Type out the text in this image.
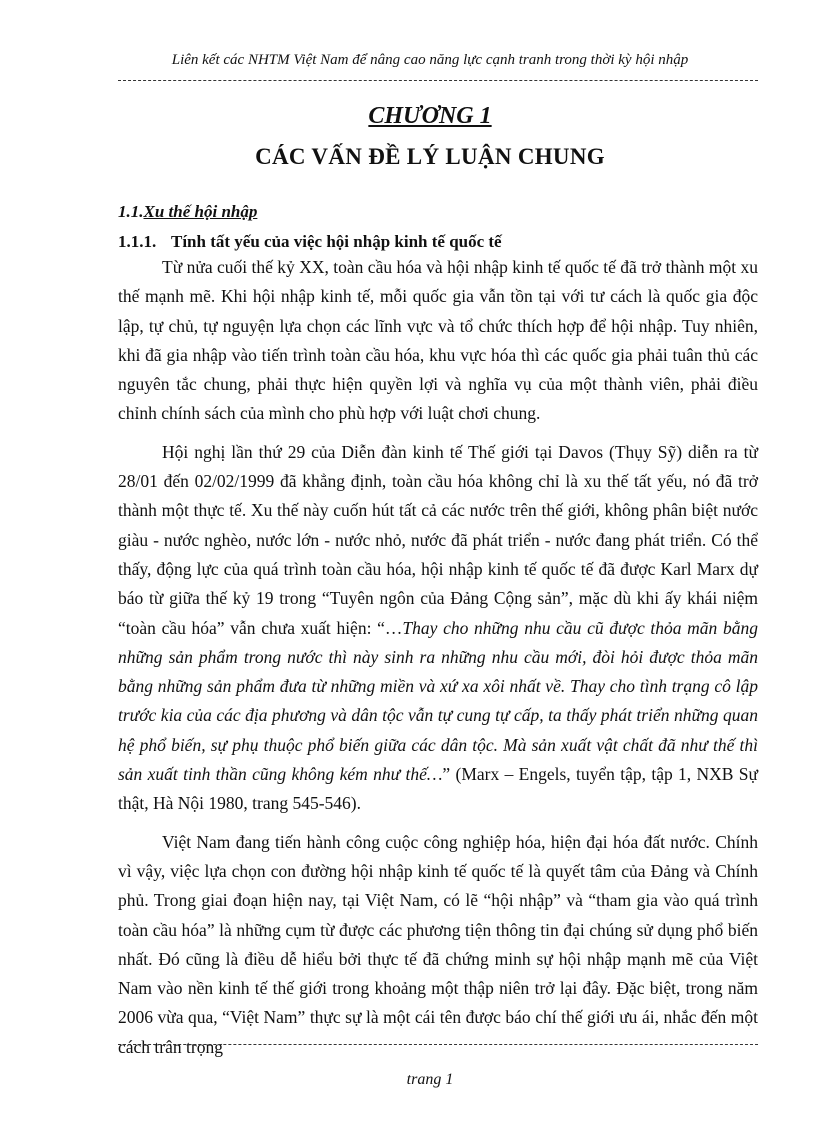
Liên kết các NHTM Việt Nam để nâng cao năng lực cạnh tranh trong thời kỳ hội nhập
CHƯƠNG 1
CÁC VẤN ĐỀ LÝ LUẬN CHUNG
1.1.Xu thế hội nhập
1.1.1. Tính tất yếu của việc hội nhập kinh tế quốc tế

Từ nửa cuối thế kỷ XX, toàn cầu hóa và hội nhập kinh tế quốc tế đã trở thành một xu thế mạnh mẽ. Khi hội nhập kinh tế, mỗi quốc gia vẫn tồn tại với tư cách là quốc gia độc lập, tự chủ, tự nguyện lựa chọn các lĩnh vực và tổ chức thích hợp để hội nhập. Tuy nhiên, khi đã gia nhập vào tiến trình toàn cầu hóa, khu vực hóa thì các quốc gia phải tuân thủ các nguyên tắc chung, phải thực hiện quyền lợi và nghĩa vụ của một thành viên, phải điều chỉnh chính sách của mình cho phù hợp với luật chơi chung.

Hội nghị lần thứ 29 của Diễn đàn kinh tế Thế giới tại Davos (Thụy Sỹ) diễn ra từ 28/01 đến 02/02/1999 đã khẳng định, toàn cầu hóa không chỉ là xu thế tất yếu, nó đã trở thành một thực tế. Xu thế này cuốn hút tất cả các nước trên thế giới, không phân biệt nước giàu - nước nghèo, nước lớn - nước nhỏ, nước đã phát triển - nước đang phát triển. Có thể thấy, động lực của quá trình toàn cầu hóa, hội nhập kinh tế quốc tế đã được Karl Marx dự báo từ giữa thế kỷ 19 trong “Tuyên ngôn của Đảng Cộng sản”, mặc dù khi ấy khái niệm “toàn cầu hóa” vẫn chưa xuất hiện: “…Thay cho những nhu cầu cũ được thỏa mãn bằng những sản phẩm trong nước thì này sinh ra những nhu cầu mới, đòi hỏi được thỏa mãn bằng những sản phẩm đưa từ những miền và xứ xa xôi nhất về. Thay cho tình trạng cô lập trước kia của các địa phương và dân tộc vẫn tự cung tự cấp, ta thấy phát triển những quan hệ phổ biến, sự phụ thuộc phổ biến giữa các dân tộc. Mà sản xuất vật chất đã như thế thì sản xuất tinh thần cũng không kém như thế…” (Marx – Engels, tuyển tập, tập 1, NXB Sự thật, Hà Nội 1980, trang 545-546).

Việt Nam đang tiến hành công cuộc công nghiệp hóa, hiện đại hóa đất nước. Chính vì vậy, việc lựa chọn con đường hội nhập kinh tế quốc tế là quyết tâm của Đảng và Chính phủ. Trong giai đoạn hiện nay, tại Việt Nam, có lẽ “hội nhập” và “tham gia vào quá trình toàn cầu hóa” là những cụm từ được các phương tiện thông tin đại chúng sử dụng phổ biến nhất. Đó cũng là điều dễ hiểu bởi thực tế đã chứng minh sự hội nhập mạnh mẽ của Việt Nam vào nền kinh tế thế giới trong khoảng một thập niên trở lại đây. Đặc biệt, trong năm 2006 vừa qua, “Việt Nam” thực sự là một cái tên được báo chí thế giới ưu ái, nhắc đến một cách trân trọng

trang 1
